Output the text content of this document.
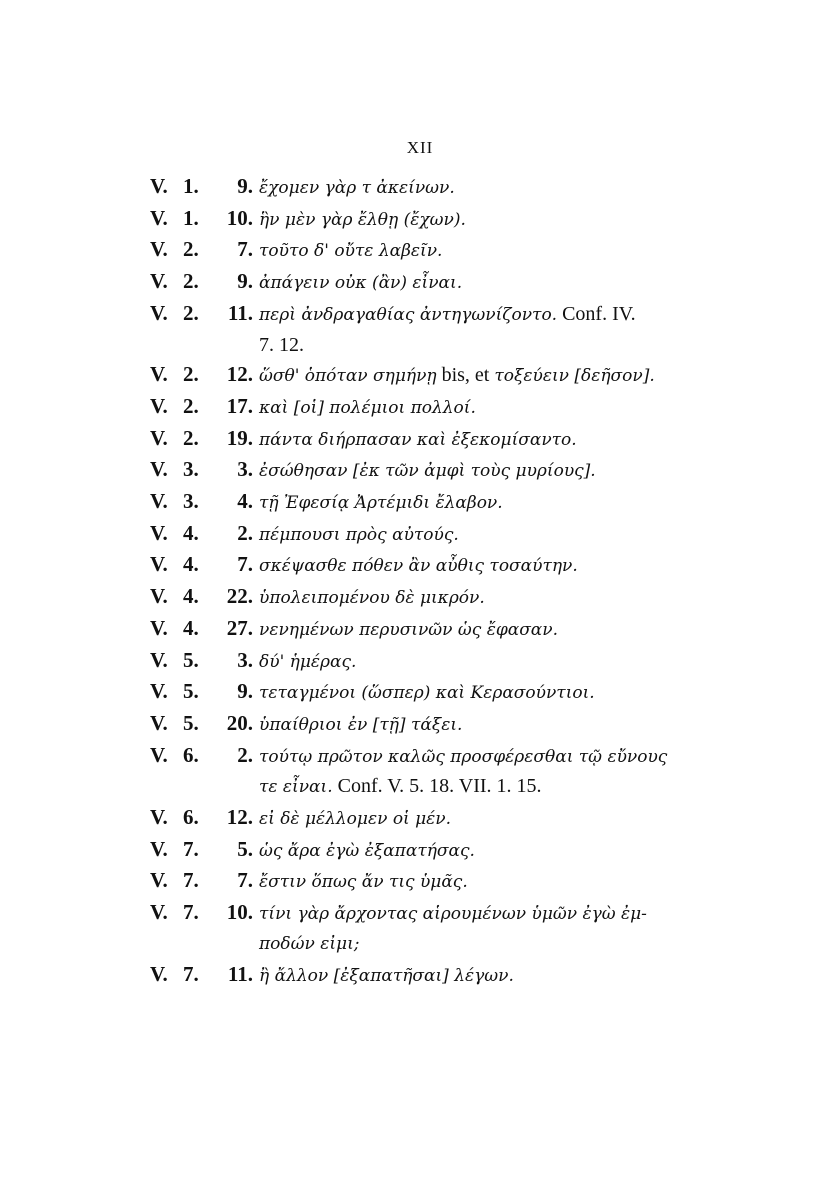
XII
V. 1.	9. ἔχομεν γὰρ τ ἀκείνων.
V. 1.	10. ἣν μὲν γὰρ ἔλθῃ (ἔχων).
V. 2.	7. τοῦτο δ' οὔτε λαβεῖν.
V. 2.	9. ἀπάγειν οὐκ (ἂν) εἶναι.
V. 2.	11. περὶ ἀνδραγαθίας ἀντηγωνίζοντο. Conf. IV.
7. 12.
V. 2.	12. ὥσθ' ὁπόταν σημήνῃ bis, et τοξεύειν [δεῆσον].
V. 2.	17. καὶ [οἱ] πολέμιοι πολλοί.
V. 2.	19. πάντα διήρπασαν καὶ ἐξεκομίσαντο.
V. 3.	3. ἐσώθησαν [ἐκ τῶν ἀμφὶ τοὺς μυρίους].
V. 3.	4. τῇ Ἐφεσίᾳ Ἀρτέμιδι ἔλαβον.
V. 4.	2. πέμπουσι πρὸς αὐτούς.
V. 4.	7. σκέψασθε πόθεν ἂν αὖθις τοσαύτην.
V. 4.	22. ὑπολειπομένου δὲ μικρόν.
V. 4.	27. νενημένων περυσινῶν ὡς ἔφασαν.
V. 5.	3. δύ' ἡμέρας.
V. 5.	9. τεταγμένοι (ὥσπερ) καὶ Κερασούντιοι.
V. 5.	20. ὑπαίθριοι ἐν [τῇ] τάξει.
V. 6.	2. τούτῳ πρῶτον καλῶς προσφέρεσθαι τῷ εὔνους
τε εἶναι. Conf. V. 5. 18. VII. 1. 15.
V. 6.	12. εἰ δὲ μέλλομεν οἱ μέν.
V. 7.	5. ὡς ἄρα ἐγὼ ἐξαπατήσας.
V. 7.	7. ἔστιν ὅπως ἄν τις ὑμᾶς.
V. 7.	10. τίνι γὰρ ἄρχοντας αἱρουμένων ὑμῶν ἐγὼ ἐμ-
ποδών εἰμι;
V. 7.	11. ἢ ἄλλον [ἐξαπατῆσαι] λέγων.
